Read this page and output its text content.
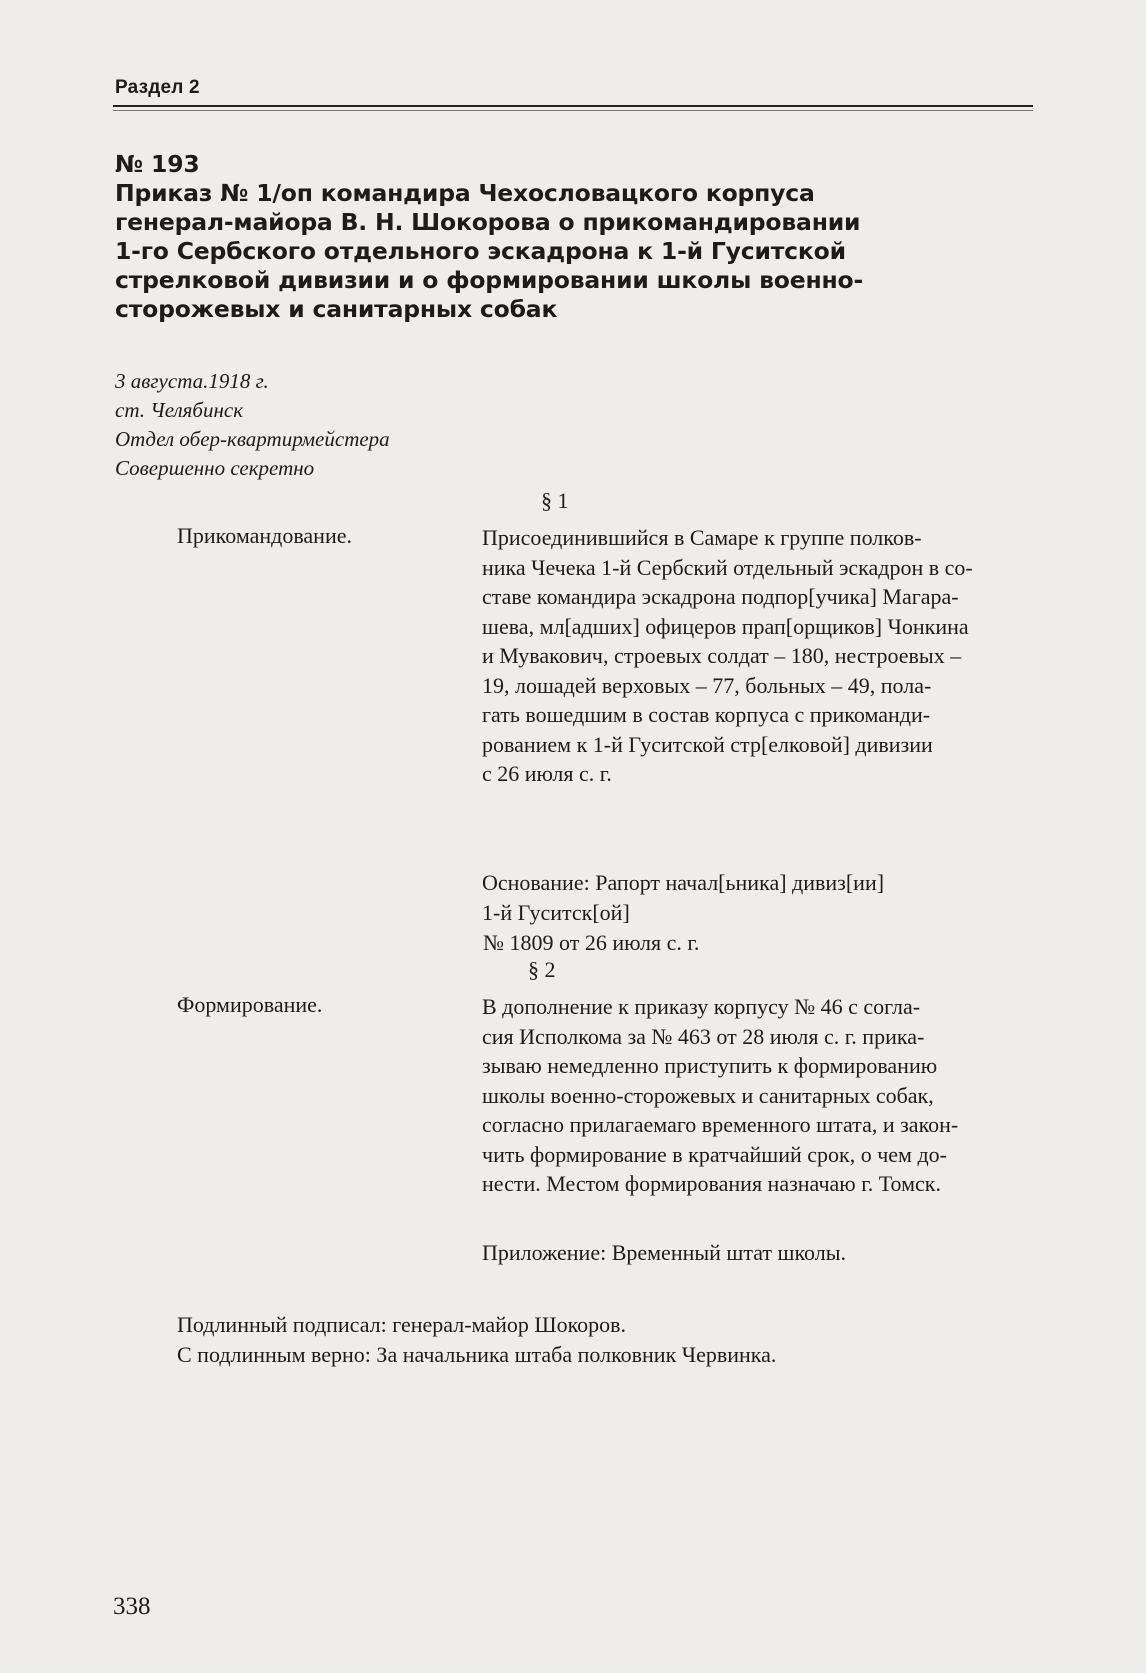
Раздел 2
№ 193
Приказ № 1/оп командира Чехословацкого корпуса
генерал-майора В. Н. Шокорова о прикомандировании
1-го Сербского отдельного эскадрона к 1-й Гуситской
стрелковой дивизии и о формировании школы военно-
сторожевых и санитарных собак
3 августа.1918 г.
ст. Челябинск
Отдел обер-квартирмейстера
Совершенно секретно
§ 1
Прикомандование.	Присоединившийся в Самаре к группе полков-
ника Чечека 1-й Сербский отдельный эскадрон в со-
ставе командира эскадрона подпор[учика] Магара-
шева, мл[адших] офицеров прап[орщиков] Чонкина
и Мувакович, строевых солдат – 180, нестроевых –
19, лошадей верховых – 77, больных – 49, пола-
гать вошедшим в состав корпуса с прикоманди-
рованием к 1-й Гуситской стр[елковой] дивизии
с 26 июля с. г.
Основание: Рапорт начал[ьника] дивиз[ии]
1-й Гуситск[ой]
№ 1809 от 26 июля с. г.
§ 2
Формирование.	В дополнение к приказу корпусу № 46 с согла-
сия Исполкома за № 463 от 28 июля с. г. прика-
зываю немедленно приступить к формированию
школы военно-сторожевых и санитарных собак,
согласно прилагаемаго временного штата, и закон-
чить формирование в кратчайший срок, о чем до-
нести. Местом формирования назначаю г. Томск.
Приложение: Временный штат школы.
Подлинный подписал: генерал-майор Шокоров.
С подлинным верно: За начальника штаба полковник Червинка.
338
